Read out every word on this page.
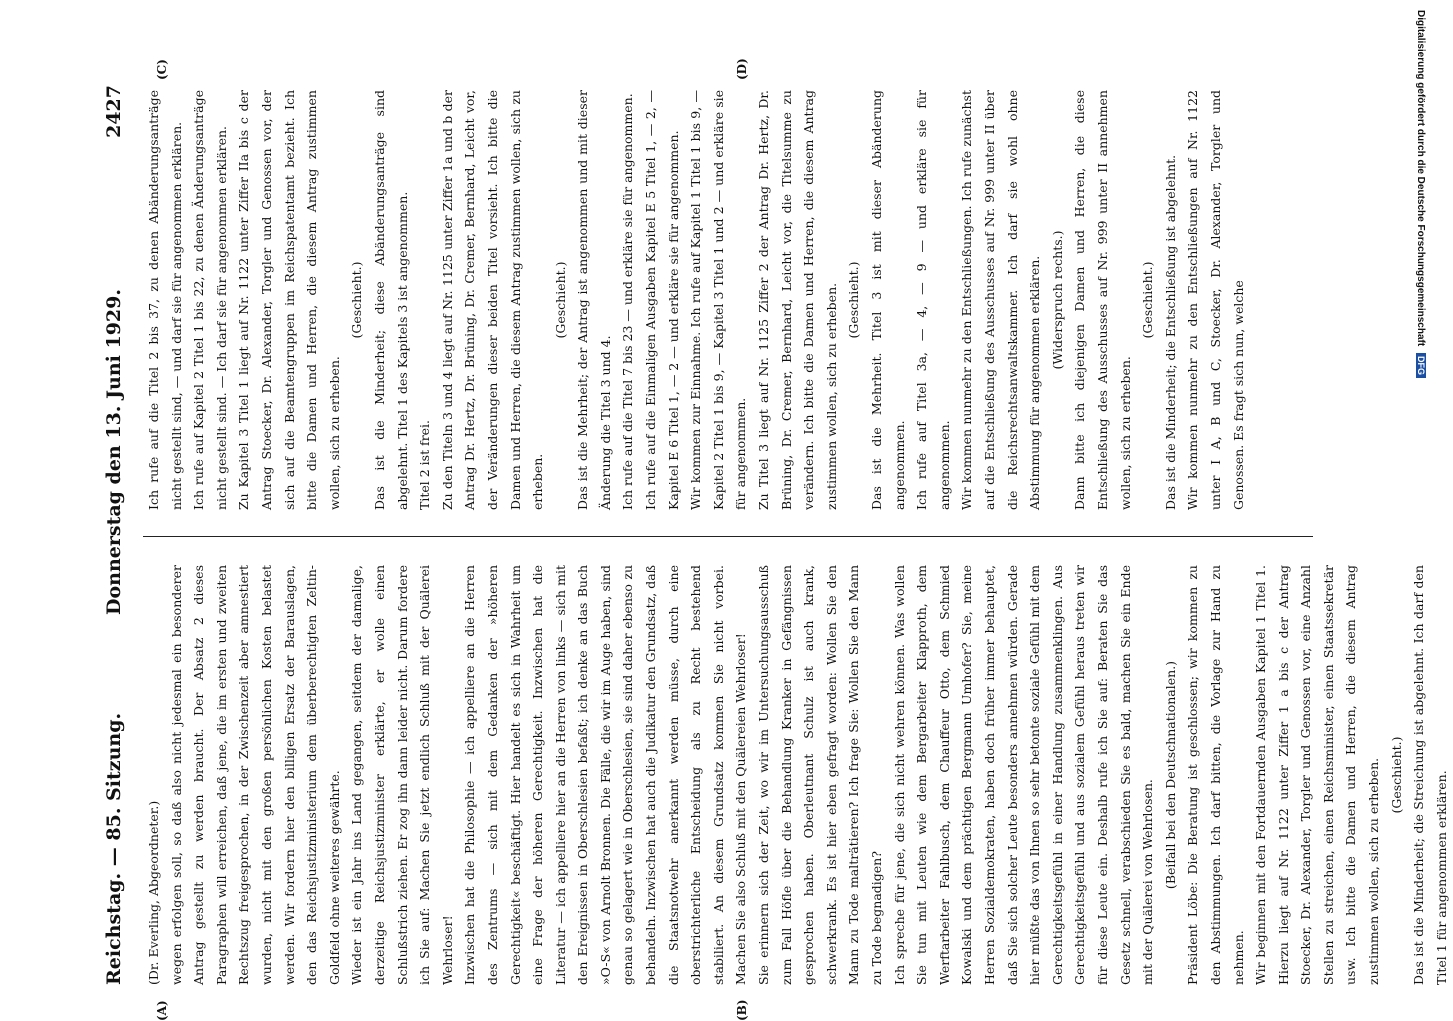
Reichstag. — 85. Sitzung.
Donnerstag den 13. Juni 1929.
2427
(A)	(B)
(C)	(D)

(Dr. Everling, Abgeordneter.) wegen erfolgen soll, so daß also nicht jedesmal ein besonderer Antrag gestellt zu werden braucht. Der Absatz 2 dieses Paragraphen will erreichen, daß jene, die im ersten und zweiten Rechtszug freigesprochen, in der Zwischenzeit aber amnestiert wurden, nicht mit den großen persönlichen Kosten belastet werden. Wir fordern hier den billigen Ersatz der Barauslagen, den das Reichsjustizministerium dem überberechtigten Zeltin-Goldfeld ohne weiteres gewährte. Wieder ist ein Jahr ins Land gegangen, seitdem der damalige, derzeitige Reichsjustizminister erklärte, er wolle einen Schlußstrich ziehen. Er zog ihn dann leider nicht. Darum fordere ich Sie auf: Machen Sie jetzt endlich Schluß mit der Quälerei Wehrloser! Inzwischen hat die Philosophie — ich appelliere an die Herren des Zentrums — sich mit dem Gedanken der »höheren Gerechtigkeit« beschäftigt. Hier handelt es sich in Wahrheit um eine Frage der höheren Gerechtigkeit. Inzwischen hat die Literatur — ich appelliere hier an die Herren von links — sich mit den Ereignissen in Oberschlesien befaßt; ich denke an das Buch »O-S« von Arnolt Bronnen. Die Fälle, die wir im Auge haben, sind genau so gelagert wie in Oberschlesien, sie sind daher ebenso zu behandeln. Inzwischen hat auch die Judikatur den Grundsatz, daß die Staatsnotwehr anerkannt werden müsse, durch eine oberstrichterliche Entscheidung als zu Recht bestehend stabiliert. An diesem Grundsatz kommen Sie nicht vorbei. Machen Sie also Schluß mit den Quälereien Wehrloser! Sie erinnern sich der Zeit, wo wir im Untersuchungsausschuß zum Fall Höfle über die Behandlung Kranker in Gefängnissen gesprochen haben. Oberleutnant Schulz ist auch krank, schwerkrank. Es ist hier eben gefragt worden: Wollen Sie den Mann zu Tode malträtieren? Ich frage Sie: Wollen Sie den Mann zu Tode begnadigen? Ich spreche für jene, die sich nicht wehren können. Was wollen Sie tun mit Leuten wie dem Bergarbeiter Klapproth, dem Werftarbeiter Fahlbusch, dem Chauffeur Otto, dem Schmied Kowalski und dem prächtigen Bergmann Umhofer? Sie, meine Herren Sozialdemokraten, haben doch früher immer behauptet, daß Sie sich solcher Leute besonders annehmen würden. Gerade hier müßte das von Ihnen so sehr betonte soziale Gefühl mit dem Gerechtigkeitsgefühl in einer Handlung zusammenklingen. Aus Gerechtigkeitsgefühl und aus sozialem Gefühl heraus treten wir für diese Leute ein. Deshalb rufe ich Sie auf: Beraten Sie das Gesetz schnell, verabschieden Sie es bald, machen Sie ein Ende mit der Quälerei von Wehrlosen. (Beifall bei den Deutschnationalen.) Präsident Löbe: Die Beratung ist geschlossen; wir kommen zu den Abstimmungen. Ich darf bitten, die Vorlage zur Hand zu nehmen. Wir beginnen mit den Fortdauernden Ausgaben Kapitel 1 Titel 1. Hierzu liegt auf Nr. 1122 unter Ziffer 1 a bis c der Antrag Stoecker, Dr. Alexander, Torgler und Genossen vor, eine Anzahl Stellen zu streichen, einen Reichsminister, einen Staatssekretär usw. Ich bitte die Damen und Herren, die diesem Antrag zustimmen wollen, sich zu erheben. (Geschieht.) Das ist die Minderheit; die Streichung ist abgelehnt. Ich darf den Titel 1 für angenommen erklären.

Ich rufe auf die Titel 2 bis 37, zu denen Abänderungsanträge nicht gestellt sind, — und darf sie für angenommen erklären. Ich rufe auf Kapitel 2 Titel 1 bis 22, zu denen Änderungsanträge nicht gestellt sind. — Ich darf sie für angenommen erklären. Zu Kapitel 3 Titel 1 liegt auf Nr. 1122 unter Ziffer IIa bis c der Antrag Stoecker, Dr. Alexander, Torgler und Genossen vor, der sich auf die Beamtengruppen im Reichspatentamt bezieht. Ich bitte die Damen und Herren, die diesem Antrag zustimmen wollen, sich zu erheben.

(Geschieht.) Das ist die Minderheit; diese Abänderungsanträge sind abgelehnt. Titel 1 des Kapitels 3 ist angenommen. Titel 2 ist frei. Zu den Titeln 3 und 4 liegt auf Nr. 1125 unter Ziffer 1a und b der Antrag Dr. Hertz, Dr. Brüning, Dr. Cremer, Bernhard, Leicht vor, der Veränderungen dieser beiden Titel vorsieht. Ich bitte die Damen und Herren, die diesem Antrag zustimmen wollen, sich zu erheben.

(Geschieht.) Das ist die Mehrheit; der Antrag ist angenommen und mit dieser Änderung die Titel 3 und 4. Ich rufe auf die Titel 7 bis 23 — und erkläre sie für angenommen. Ich rufe auf die Einmaligen Ausgaben Kapitel E 5 Titel 1, — 2, — Kapitel E 6 Titel 1, — 2 — und erkläre sie für angenommen. Wir kommen zur Einnahme. Ich rufe auf Kapitel 1 Titel 1 bis 9, — Kapitel 2 Titel 1 bis 9, — Kapitel 3 Titel 1 und 2 — und erkläre sie für angenommen. Zu Titel 3 liegt auf Nr. 1125 Ziffer 2 der Antrag Dr. Hertz, Dr. Brüning, Dr. Cremer, Bernhard, Leicht vor, die Titelsumme zu verändern. Ich bitte die Damen und Herren, die diesem Antrag zustimmen wollen, sich zu erheben. (Geschieht.) Das ist die Mehrheit. Titel 3 ist mit dieser Abänderung angenommen. Ich rufe auf Titel 3a, — 4, — 9 — und erkläre sie für angenommen. Wir kommen nunmehr zu den Entschließungen. Ich rufe zunächst auf die Entschließung des Ausschusses auf Nr. 999 unter II über die Reichsrechtsanwaltskammer. Ich darf sie wohl ohne Abstimmung für angenommen erklären. (Widerspruch rechts.) Dann bitte ich diejenigen Damen und Herren, die diese Entschließung des Ausschusses auf Nr. 999 unter II annehmen wollen, sich zu erheben.

(Geschieht.) Das ist die Minderheit; die Entschließung ist abgelehnt. Wir kommen nunmehr zu den Entschließungen auf Nr. 1122 unter I A, B und C, Stoecker, Dr. Alexander, Torgler und Genossen. Es fragt sich nun, welche

Digitalisierung gefördert durch die Deutsche Forschungsgemeinschaft DFG
